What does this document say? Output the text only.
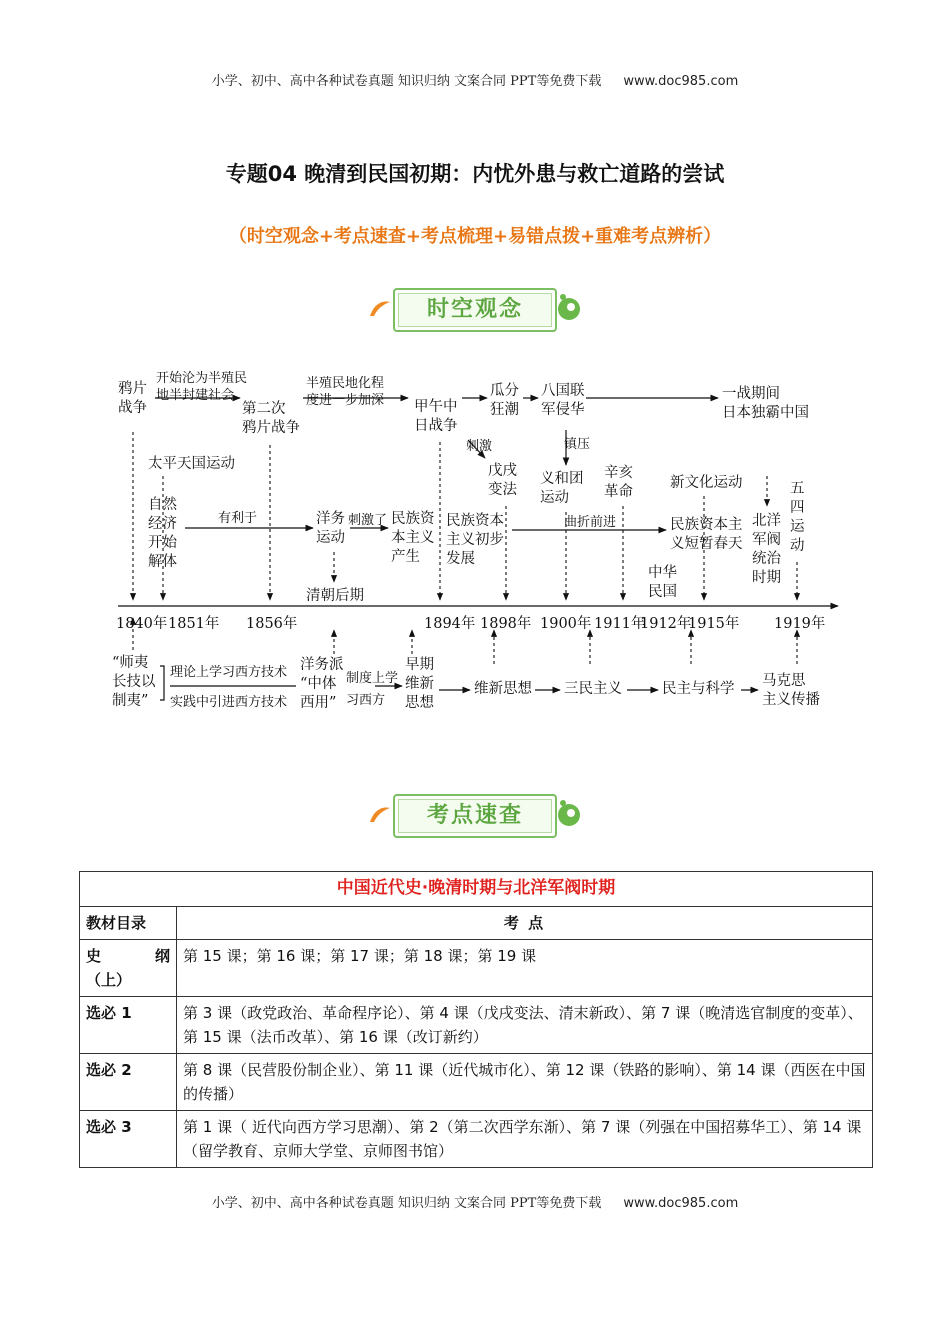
小学、初中、高中各种试卷真题 知识归纳 文案合同 PPT等免费下载 www.doc985.com
专题04 晚清到民国初期：内忧外患与救亡道路的尝试
（时空观念+考点速查+考点梳理+易错点拨+重难考点辨析）
时空观念
鸦片
战争
开始沦为半殖民
地半封建社会
第二次
鸦片战争
半殖民地化程
度进一步加深 甲午中
日战争
瓜分
狂潮
八国联
军侵华
一战期间
日本独霸中国
太平天国运动
自然
经济
开始
解体
有利于	洋务
运动
刺激了 民族资
本主义
产生
清朝后期
刺激
戊戌
变法
民族资本
主义初步
发展
镇压
义和团
运动
曲折前进
辛亥
革命
新文化运动
民族资本主
义短暂春天
中华
民国
北洋
军阀
统治
时期
五
四
运
动
1840年 1851年 1856年	1894年 1898年 1900年 1911年
1912年
1915年 1919年
“师夷
长技以
制夷”
理论上学习西方技术
实践中引进西方技术
洋务派
“中体
西用”
制度上学
习西方
早期
维新
思想
维新思想 三民主义	民主与科学 马克思
主义传播
考点速查
中国近代史·晚清时期与北洋军阀时期	
教材目录	考 点

史 纲
（上）	第 15 课；第 16 课；第 17 课；第 18 课；第 19 课
选必 1	第 3 课（政党政治、革命程序论）、第 4 课（戊戌变法、清末新政）、第 7 课（晚清选官制度的变革）、第 15 课（法币改革）、第 16 课（改订新约）
选必 2	第 8 课（民营股份制企业）、第 11 课（近代城市化）、第 12 课（铁路的影响）、第 14 课（西医在中国的传播）
选必 3	第 1 课（ 近代向西方学习思潮）、第 2（第二次西学东渐）、第 7 课（列强在中国招募华工）、第 14 课（留学教育、京师大学堂、京师图书馆）
小学、初中、高中各种试卷真题 知识归纳 文案合同 PPT等免费下载 www.doc985.com
